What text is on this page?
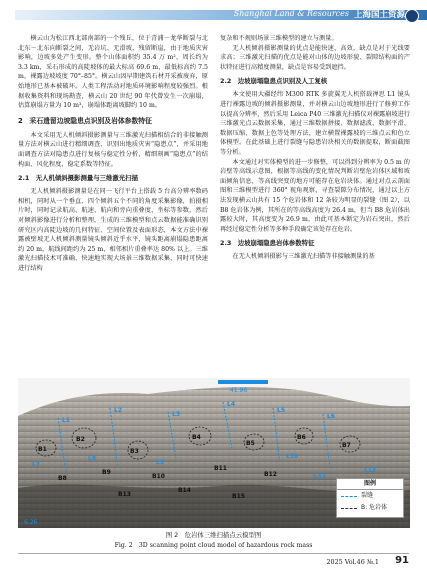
Shanghai Land & Resources 上海国土资源

横云山为松江西北部南部的一个残丘，位于青浦－龙华断裂与北北东－北东向断裂之间，无岩坑、无滑坡，残留断崖，由于地质灾害影响，边坡多处产生变形。整个山体面积约 35.4 万 m²，周长约为 3.3 km，采石形成的高陡坡体的最大标高 69.6 m，最低标高约 7.5 m，裸露边坡坡度 70°–85°。横云山因早期建筑石材开采被废弃，原始地形已基本被破坏。人类工程活动对地质环境影响程度较强烈。根据收集资料和现场勘查，横云山 20 世纪 90 年代曾发生一次崩塌，估算崩塌方量为 10 m³，崩塌体距离坡脚约 10 m。

2　采石遗留边坡隐患点识别及岩体参数特征

本文采用无人机倾斜摄影测量与三维激光扫描相结合的非接触测量方法对横云山进行精细调查，识别出地质灾害“隐患点”，并采用地面调查方法对隐患点进行复核与稳定性分析，精细刻画“隐患点”的结构面、风化程度、稳定系数等特征。

2.1　无人机倾斜摄影测量与三维激光扫描

无人机倾斜摄影测量是在同一飞行平台上搭载 5 台高分辨率数码相机，同时从一个垂直、四个倾斜五个不同的角度采集影像，拍摄相片时，同时记录航高、航速、航向和旁向重叠度、坐标等参数，然后对倾斜影像进行分析和整理，生成的三维模型和点云数据能准确识别研究区内高陡边坡的几何特征、空间位置及表面形态，本文方法中裸露被壁坡无人机倾斜测量镜头倾斜近乎水平，镜头距离崩塌隐患距离约 20 m，航线间距约为 25 m，相邻相片重叠率达 80% 以上。三维激光扫描技术可准确、快速地实现大场景三维数据采集，同时可快速进行结构

复杂和不规则场景三维模型的建立与测量。

无人机倾斜摄影测量的优点是能快速、高效，缺点是对于光线要求高；三维激光扫描的优点是能对山体的边坡形貌、裂隙结构面的产状特征进行高精度测量，缺点是容易受到遮挡。

2.2　边坡崩塌隐患点识别及人工复核

本文使用大疆经纬 M300 RTK 多旋翼无人机搭载禅思 L1 镜头进行裸露边坡的倾斜摄影测量，并对横云山边坡地形进行了修剪工作以提高分辨率，然后采用 Leica P40 三维激光扫描仪对裸露崩坡进行三维激光点云数据采集，通过三维数据拼接、数据滤波、数据平滑、数据压缩、数据上色等处理方法，建立横置裸露坡的三维点云和色立体模型。在此基础上进行裂缝与隐患岩块相关的数据提取，断面截图等分析。

本文通过对实体模型的进一步修整，可以得到分辨率为 0.5 m 的岩壁等高线示意图，根据等高线的变化情况判断岩壁危岩体区域和坡面倾角信息，等高线突变的地方可能存在危岩块体。通过对点云剖面图和三维模型进行 360° 视角观察，寻查裂隙分布情况，通过以上方法发现横云山共有 15 个危岩体和 12 条较为明显的裂缝（图 2），以 B8 危岩体为例，其所在的等高线高度为 26.4 m，但当 B8 危岩体出露较大时，其高度变为 26.9 m，由此可基本断定为岩石突出，然后再经过稳定性分析等多种手段确定该处存在危岩。

2.3　边坡崩塌隐患岩体参数特征

在无人机倾斜摄影与三维激光扫描等非接触测量的基

41.96
6.26
B1
B2
B3
B4
B5
B6
B7
B8
B9
B10
B11
B12
B13
B14
B15
L1
L2
L3
L4
L5
L6
L7
L8
L9
L10
L11
L12
图例
裂缝
B: 危岩体
图 2　危岩体三维扫描点云模型图
Fig. 2　3D scanning point cloud model of hazardous rock mass
2025 Vol.46 №.1 91
